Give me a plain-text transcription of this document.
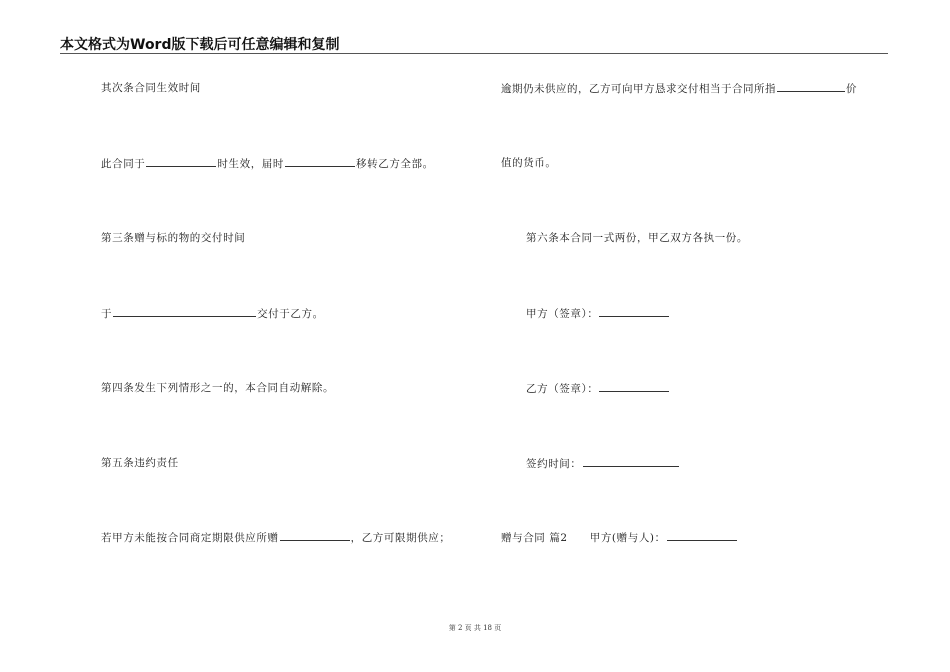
本文格式为Word版下载后可任意编辑和复制
其次条合同生效时间
此合同于	时生效，届时	移转乙方全部。
第三条赠与标的物的交付时间
于	交付于乙方。
第四条发生下列情形之一的，本合同自动解除。
第五条违约责任
若甲方未能按合同商定期限供应所赠	，乙方可限期供应；
逾期仍未供应的，乙方可向甲方恳求交付相当于合同所指	价
值的货币。
第六条本合同一式两份，甲乙双方各执一份。
甲方（签章）：
乙方（签章）：
签约时间：
赠与合同 篇2 甲方(赠与人)：
第 2 页 共 18 页
